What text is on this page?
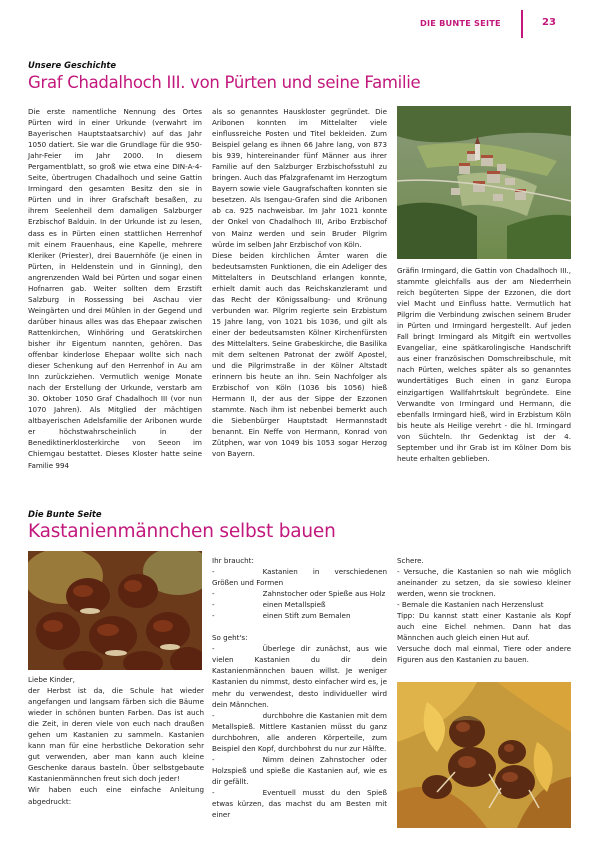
DIE BUNTE SEITE	23
Unsere Geschichte
Graf Chadalhoch III. von Pürten und seine Familie

Die erste namentliche Nennung des Ortes Pürten wird in einer Urkunde (verwahrt im Bayerischen Hauptstaatsarchiv) auf das Jahr 1050 datiert. Sie war die Grundlage für die 950-Jahr-Feier im Jahr 2000. In diesem Pergamentblatt, so groß wie etwa eine DIN-A-4-Seite, übertrugen Chadalhoch und seine Gattin Irmingard den gesamten Besitz den sie in Pürten und in ihrer Grafschaft besaßen, zu ihrem Seelenheil dem damaligen Salzburger Erzbischof Balduin. In der Urkunde ist zu lesen, dass es in Pürten einen stattlichen Herrenhof mit einem Frauenhaus, eine Kapelle, mehrere Kleriker (Priester), drei Bauernhöfe (je einen in Pürten, in Heldenstein und in Ginning), den angrenzenden Wald bei Pürten und sogar einen Hofnarren gab. Weiter sollten dem Erzstift Salzburg in Rossessing bei Aschau vier Weingärten und drei Mühlen in der Gegend und darüber hinaus alles was das Ehepaar zwischen Rattenkirchen, Winhöring und Geratskirchen bisher ihr Eigentum nannten, gehören. Das offenbar kinderlose Ehepaar wollte sich nach dieser Schenkung auf den Herrenhof in Au am Inn zurückziehen. Vermutlich wenige Monate nach der Erstellung der Urkunde, verstarb am 30. Oktober 1050 Graf Chadalhoch III (vor nun 1070 Jahren). Als Mitglied der mächtigen altbayerischen Adelsfamilie der Aribonen wurde er höchstwahrscheinlich in der Benediktinerklosterkirche von Seeon im Chiemgau bestattet. Dieses Kloster hatte seine Familie 994

als so genanntes Hauskloster gegründet. Die Aribonen konnten im Mittelalter viele einflussreiche Posten und Titel bekleiden. Zum Beispiel gelang es ihnen 66 Jahre lang, von 873 bis 939, hintereinander fünf Männer aus ihrer Familie auf den Salzburger Erzbischofsstuhl zu bringen. Auch das Pfalzgrafenamt im Herzogtum Bayern sowie viele Gaugrafschaften konnten sie besetzen. Als Isengau-Grafen sind die Aribonen ab ca. 925 nachweisbar. Im Jahr 1021 konnte der Onkel von Chadalhoch III, Aribo Erzbischof von Mainz werden und sein Bruder Pilgrim würde im selben Jahr Erzbischof von Köln.

Diese beiden kirchlichen Ämter waren die bedeutsamsten Funktionen, die ein Adeliger des Mittelalters in Deutschland erlangen konnte, erhielt damit auch das Reichskanzleramt und das Recht der Königssalbung- und Krönung verbunden war. Pilgrim regierte sein Erzbistum 15 Jahre lang, von 1021 bis 1036, und gilt als einer der bedeutsamsten Kölner Kirchenfürsten des Mittelalters. Seine Grabeskirche, die Basilika mit dem seltenen Patronat der zwölf Apostel, und die Pilgrimstraße in der Kölner Altstadt erinnern bis heute an ihn. Sein Nachfolger als Erzbischof von Köln (1036 bis 1056) hieß Hermann II, der aus der Sippe der Ezzonen stammte. Nach ihm ist nebenbei bemerkt auch die Siebenbürger Hauptstadt Hermannstadt benannt. Ein Neffe von Hermann, Konrad von Zütphen, war von 1049 bis 1053 sogar Herzog von Bayern.

Gräfin Irmingard, die Gattin von Chadalhoch III., stammte gleichfalls aus der am Niederrhein reich begüterten Sippe der Ezzonen, die dort viel Macht und Einfluss hatte. Vermutlich hat Pilgrim die Verbindung zwischen seinem Bruder in Pürten und Irmingard hergestellt. Auf jeden Fall bringt Irmingard als Mitgift ein wertvolles Evangeliar, eine spätkarolingische Handschrift aus einer französischen Domschreibschule, mit nach Pürten, welches später als so genanntes wundertätiges Buch einen in ganz Europa einzigartigen Wallfahrtskult begründete. Eine Verwandte von Irmingard und Hermann, die ebenfalls Irmingard hieß, wird in Erzbistum Köln bis heute als Heilige verehrt - die hl. Irmingard von Süchteln. Ihr Gedenktag ist der 4. September und ihr Grab ist im Kölner Dom bis heute erhalten geblieben.

Die Bunte Seite
Kastanienmännchen selbst bauen

Liebe Kinder,

der Herbst ist da, die Schule hat wieder angefangen und langsam färben sich die Bäume wieder in schönen bunten Farben. Das ist auch die Zeit, in deren viele von euch nach draußen gehen um Kastanien zu sammeln. Kastanien kann man für eine herbstliche Dekoration sehr gut verwenden, aber man kann auch kleine Geschenke daraus basteln. Über selbstgebaute Kastanienmännchen freut sich doch jeder!

Wir haben euch eine einfache Anleitung abgedruckt:

Ihr braucht:

-	Kastanien in verschiedenen Größen und Formen

-	Zahnstocher oder Spieße aus Holz

-	einen Metallspieß

-	einen Stift zum Bemalen

So geht's:

-	Überlege dir zunächst, aus wie vielen Kastanien du dir dein Kastanienmännchen bauen willst. Je weniger Kastanien du nimmst, desto einfacher wird es, je mehr du verwendest, desto individueller wird dein Männchen.

-	durchbohre die Kastanien mit dem Metallspieß. Mittlere Kastanien müsst du ganz durchbohren, alle anderen Körperteile, zum Beispiel den Kopf, durchbohrst du nur zur Hälfte.

-	Nimm deinen Zahnstocher oder Holzspieß und spieße die Kastanien auf, wie es dir gefällt.

-	Eventuell musst du den Spieß etwas kürzen, das machst du am Besten mit einer

Schere.

- Versuche, die Kastanien so nah wie möglich aneinander zu setzen, da sie sowieso kleiner werden, wenn sie trocknen.

- Bemale die Kastanien nach Herzenslust

Tipp: Du kannst statt einer Kastanie als Kopf auch eine Eichel nehmen. Dann hat das Männchen auch gleich einen Hut auf.

Versuche doch mal einmal, Tiere oder andere Figuren aus den Kastanien zu bauen.
